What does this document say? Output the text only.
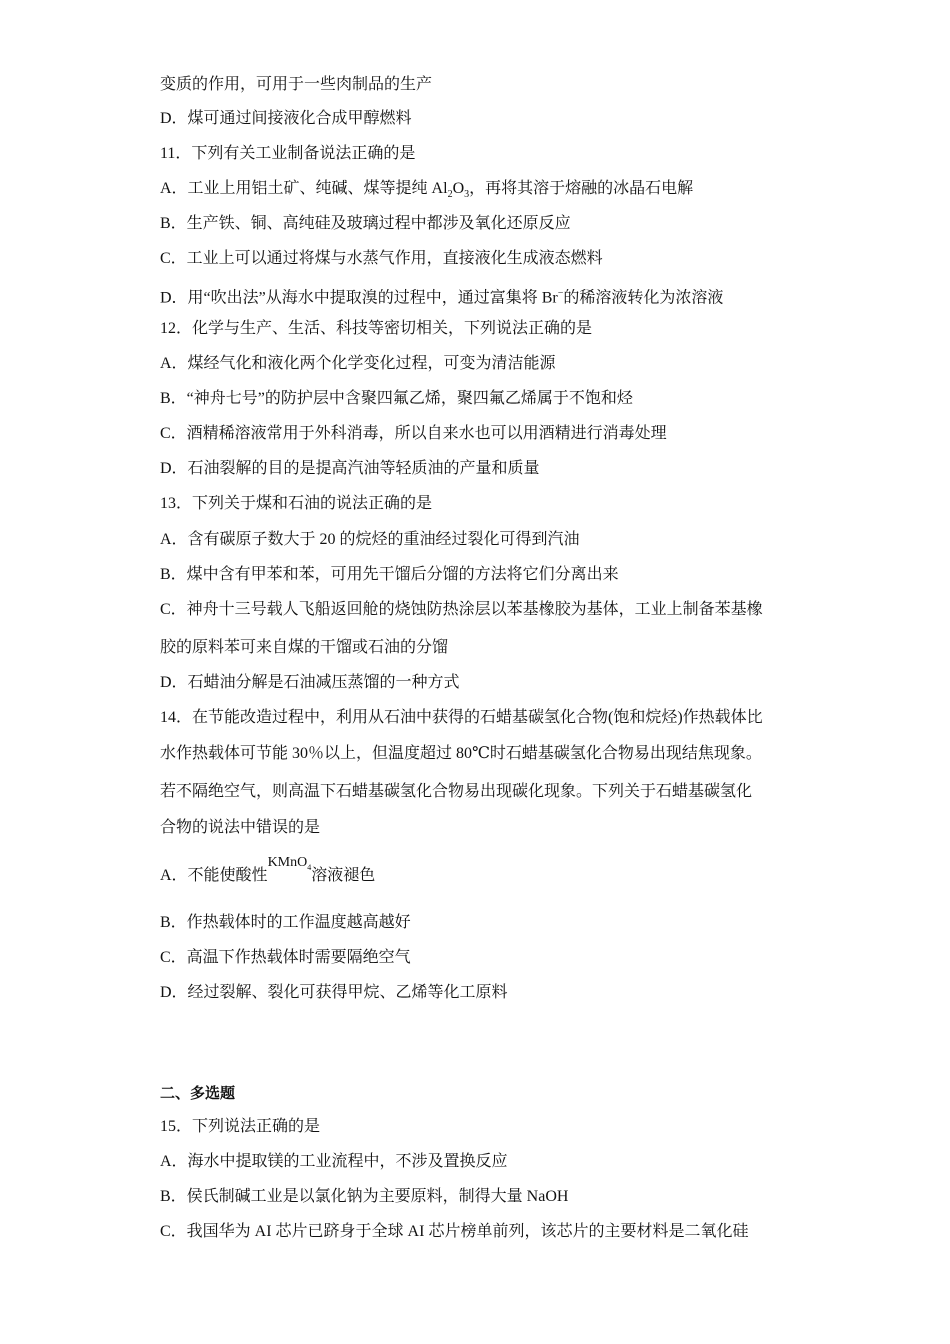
变质的作用，可用于一些肉制品的生产
D．煤可通过间接液化合成甲醇燃料
11．下列有关工业制备说法正确的是
A．工业上用铝土矿、纯碱、煤等提纯 $Al_2O_3$，再将其溶于熔融的冰晶石电解
B．生产铁、铜、高纯硅及玻璃过程中都涉及氧化还原反应
C．工业上可以通过将煤与水蒸气作用，直接液化生成液态燃料
D．用“吹出法”从海水中提取溴的过程中，通过富集将 Br−的稀溶液转化为浓溶液
12．化学与生产、生活、科技等密切相关，下列说法正确的是
A．煤经气化和液化两个化学变化过程，可变为清洁能源
B．“神舟七号”的防护层中含聚四氟乙烯，聚四氟乙烯属于不饱和烃
C．酒精稀溶液常用于外科消毒，所以自来水也可以用酒精进行消毒处理
D．石油裂解的目的是提高汽油等轻质油的产量和质量
13．下列关于煤和石油的说法正确的是
A．含有碳原子数大于 20 的烷烃的重油经过裂化可得到汽油
B．煤中含有甲苯和苯，可用先干馏后分馏的方法将它们分离出来
C．神舟十三号载人飞船返回舱的烧蚀防热涂层以苯基橡胶为基体，工业上制备苯基橡
胶的原料苯可来自煤的干馏或石油的分馏
D．石蜡油分解是石油减压蒸馏的一种方式
14．在节能改造过程中，利用从石油中获得的石蜡基碳氢化合物(饱和烷烃)作热载体比
水作热载体可节能 30％以上，但温度超过 80℃时石蜡基碳氢化合物易出现结焦现象。
若不隔绝空气，则高温下石蜡基碳氢化合物易出现碳化现象。下列关于石蜡基碳氢化
合物的说法中错误的是
A．不能使酸性KMnO$_4$溶液褪色
B．作热载体时的工作温度越高越好
C．高温下作热载体时需要隔绝空气
D．经过裂解、裂化可获得甲烷、乙烯等化工原料
二、多选题
15．下列说法正确的是
A．海水中提取镁的工业流程中，不涉及置换反应
B．侯氏制碱工业是以氯化钠为主要原料，制得大量 NaOH
C．我国华为 AI 芯片已跻身于全球 AI 芯片榜单前列，该芯片的主要材料是二氧化硅
